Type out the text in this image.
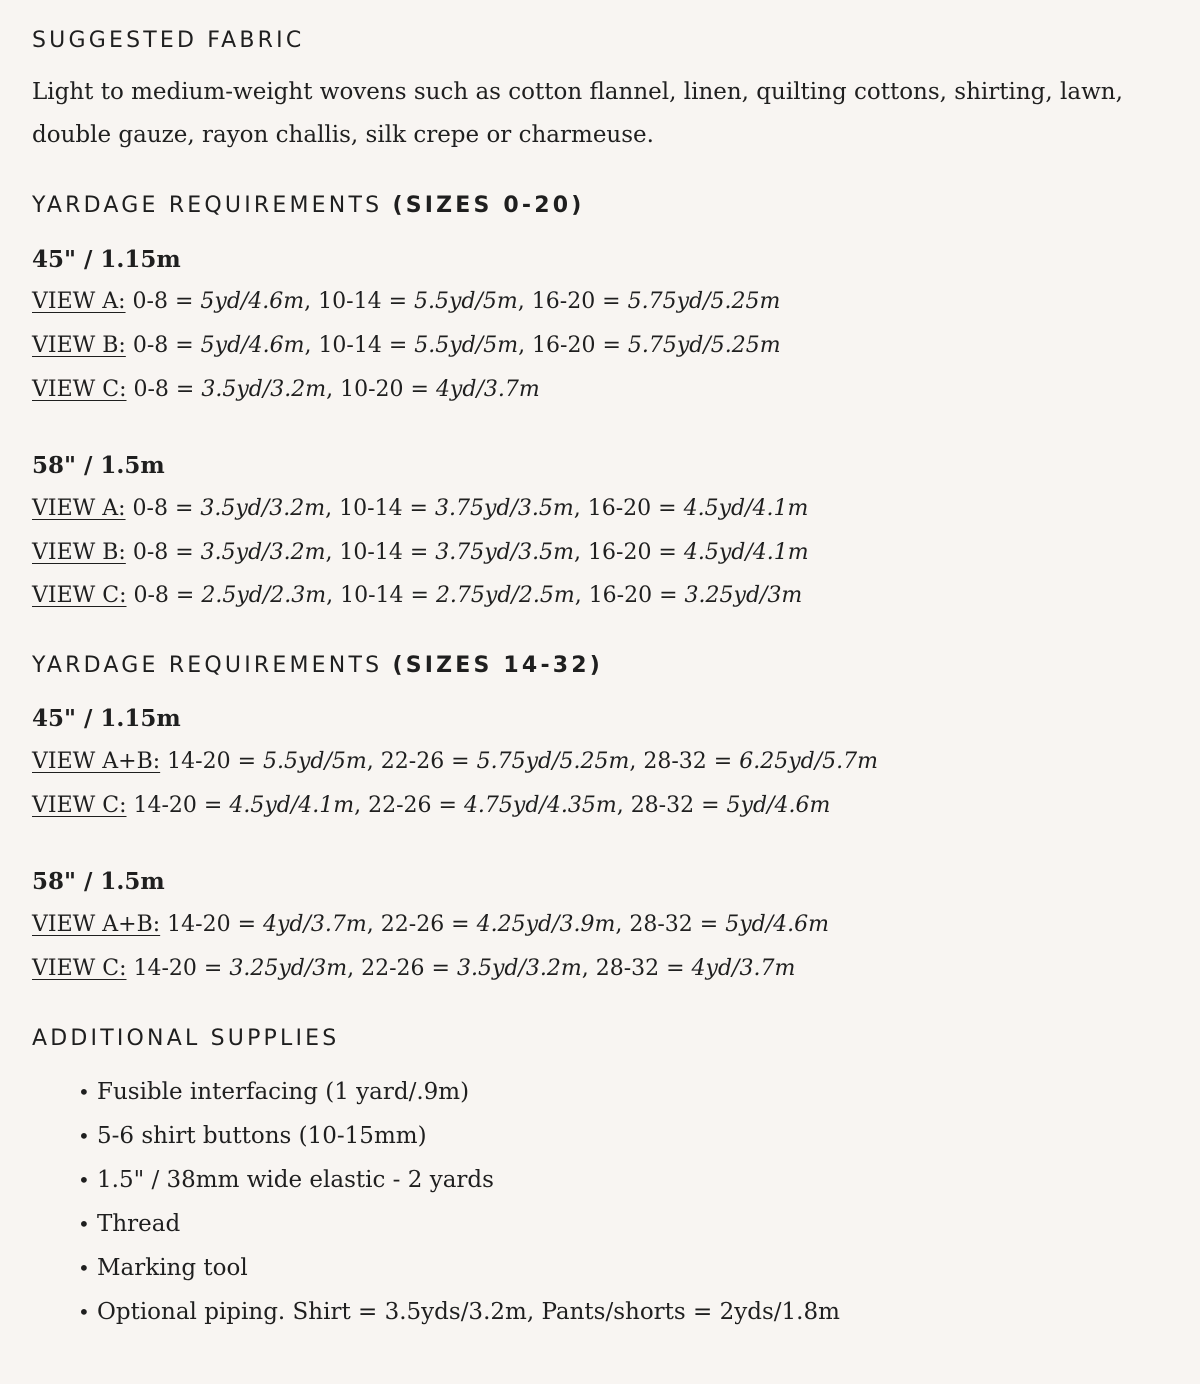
SUGGESTED FABRIC

Light to medium-weight wovens such as cotton flannel, linen, quilting cottons, shirting, lawn, double gauze, rayon challis, silk crepe or charmeuse.

YARDAGE REQUIREMENTS (SIZES 0-20)
45" / 1.15m
VIEW A: 0-8 = 5yd/4.6m, 10-14 = 5.5yd/5m, 16-20 = 5.75yd/5.25m
VIEW B: 0-8 = 5yd/4.6m, 10-14 = 5.5yd/5m, 16-20 = 5.75yd/5.25m
VIEW C: 0-8 = 3.5yd/3.2m, 10-20 = 4yd/3.7m
58" / 1.5m
VIEW A: 0-8 = 3.5yd/3.2m, 10-14 = 3.75yd/3.5m, 16-20 = 4.5yd/4.1m
VIEW B: 0-8 = 3.5yd/3.2m, 10-14 = 3.75yd/3.5m, 16-20 = 4.5yd/4.1m
VIEW C: 0-8 = 2.5yd/2.3m, 10-14 = 2.75yd/2.5m, 16-20 = 3.25yd/3m
YARDAGE REQUIREMENTS (SIZES 14-32)
45" / 1.15m
VIEW A+B: 14-20 = 5.5yd/5m, 22-26 = 5.75yd/5.25m, 28-32 = 6.25yd/5.7m
VIEW C: 14-20 = 4.5yd/4.1m, 22-26 = 4.75yd/4.35m, 28-32 = 5yd/4.6m
58" / 1.5m
VIEW A+B: 14-20 = 4yd/3.7m, 22-26 = 4.25yd/3.9m, 28-32 = 5yd/4.6m
VIEW C: 14-20 = 3.25yd/3m, 22-26 = 3.5yd/3.2m, 28-32 = 4yd/3.7m
ADDITIONAL SUPPLIES
• Fusible interfacing (1 yard/.9m)
• 5-6 shirt buttons (10-15mm)
• 1.5" / 38mm wide elastic - 2 yards
• Thread
• Marking tool
• Optional piping. Shirt = 3.5yds/3.2m, Pants/shorts = 2yds/1.8m
